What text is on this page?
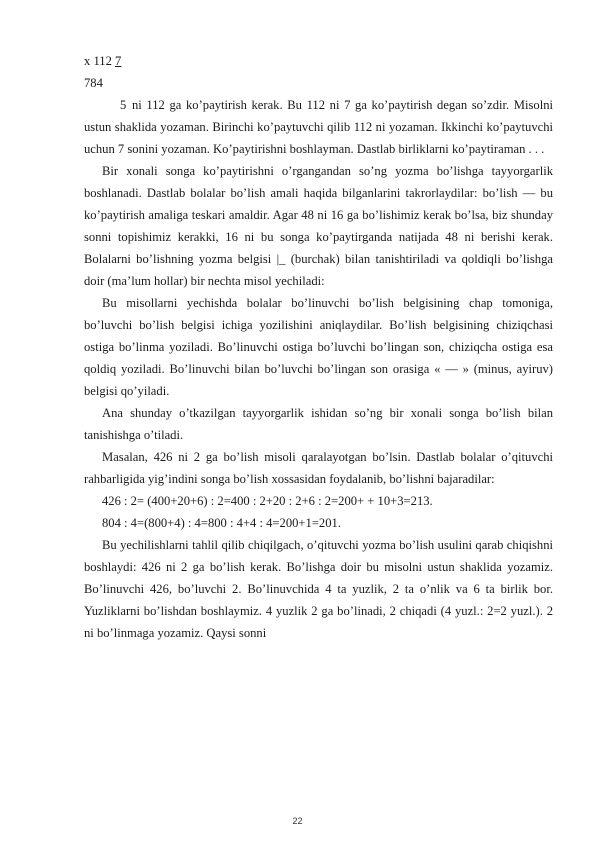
x 112 7
784

5 ni 112 ga ko’paytirish kerak. Bu 112 ni 7 ga ko’paytirish degan so’zdir. Misolni ustun shaklida yozaman. Birinchi ko’paytuvchi qilib 112 ni yozaman. Ikkinchi ko’paytuvchi uchun 7 sonini yozaman. Ko’paytirishni boshlayman. Dastlab birliklarni ko’paytiraman . . .

Bir xonali songa ko’paytirishni o’rgangandan so’ng yozma bo’lishga tayyorgarlik boshlanadi. Dastlab bolalar bo’lish amali haqida bilganlarini takrorlaydilar: bo’lish — bu ko’paytirish amaliga teskari amaldir. Agar 48 ni 16 ga bo’lishimiz kerak bo’lsa, biz shunday sonni topishimiz kerakki, 16 ni bu songa ko’paytirganda natijada 48 ni berishi kerak. Bolalarni bo’lishning yozma belgisi |_ (burchak) bilan tanishtiriladi va qoldiqli bo’lishga doir (ma’lum hollar) bir nechta misol yechiladi:

Bu misollarni yechishda bolalar bo’linuvchi bo’lish belgisining chap tomoniga, bo’luvchi bo’lish belgisi ichiga yozilishini aniqlaydilar. Bo’lish belgisining chiziqchasi ostiga bo’linma yoziladi. Bo’linuvchi ostiga bo’luvchi bo’lingan son, chiziqcha ostiga esa qoldiq yoziladi. Bo’linuvchi bilan bo’luvchi bo’lingan son orasiga « — » (minus, ayiruv) belgisi qo’yiladi.

Ana shunday o’tkazilgan tayyorgarlik ishidan so’ng bir xonali songa bo’lish bilan tanishishga o’tiladi.

Masalan, 426 ni 2 ga bo’lish misoli qaralayotgan bo’lsin. Dastlab bolalar o’qituvchi rahbarligida yig’indini songa bo’lish xossasidan foydalanib, bo’lishni bajaradilar:

426 : 2= (400+20+6) : 2=400 : 2+20 : 2+6 : 2=200+ + 10+3=213.

804 : 4=(800+4) : 4=800 : 4+4 : 4=200+1=201.

Bu yechilishlarni tahlil qilib chiqilgach, o’qituvchi yozma bo’lish usulini qarab chiqishni boshlaydi: 426 ni 2 ga bo’lish kerak. Bo’lishga doir bu misolni ustun shaklida yozamiz. Bo’linuvchi 426, bo’luvchi 2. Bo’linuvchida 4 ta yuzlik, 2 ta o’nlik va 6 ta birlik bor. Yuzliklarni bo’lishdan boshlaymiz. 4 yuzlik 2 ga bo’linadi, 2 chiqadi (4 yuzl.: 2=2 yuzl.). 2 ni bo’linmaga yozamiz. Qaysi sonni

22
